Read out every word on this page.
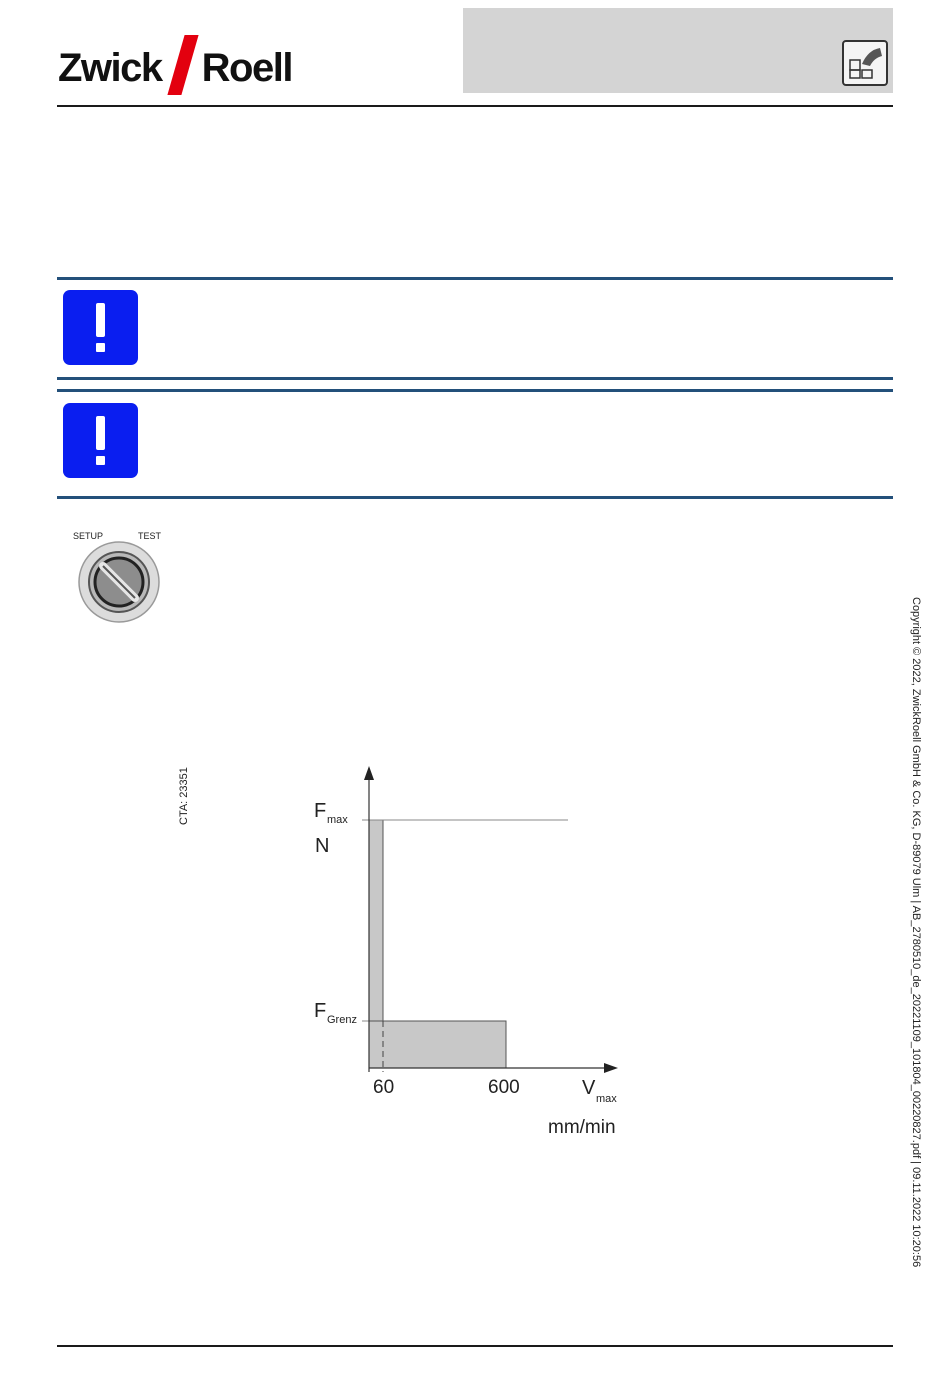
Zwick Roell
SETUP	TEST
CTA: 23351	F max
N
F Grenz
60	600	V max
mm/min	Copyright © 2022, ZwickRoell GmbH & Co. KG, D-89079 Ulm | AB_2780510_de_20221109_101804_00220827.pdf | 09.11.2022 10:20:56
